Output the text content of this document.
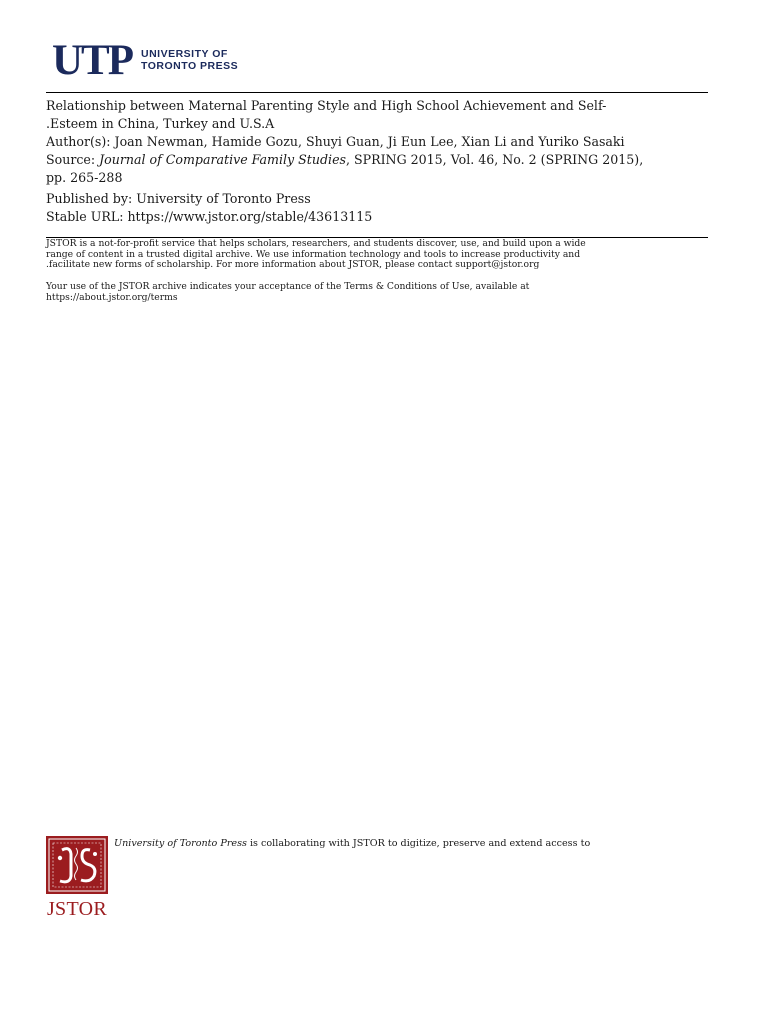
UTP UNIVERSITY OF
TORONTO PRESS

Relationship between Maternal Parenting Style and High School Achievement and Self-

.Esteem in China, Turkey and U.S.A

Author(s): Joan Newman, Hamide Gozu, Shuyi Guan, Ji Eun Lee, Xian Li and Yuriko Sasaki

Source: Journal of Comparative Family Studies, SPRING 2015, Vol. 46, No. 2 (SPRING 2015),

pp. 265-288

Published by: University of Toronto Press

Stable URL: https://www.jstor.org/stable/43613115

JSTOR is a not-for-profit service that helps scholars, researchers, and students discover, use, and build upon a wide

range of content in a trusted digital archive. We use information technology and tools to increase productivity and

.facilitate new forms of scholarship. For more information about JSTOR, please contact support@jstor.org

Your use of the JSTOR archive indicates your acceptance of the Terms & Conditions of Use, available at

https://about.jstor.org/terms

JSTOR
University of Toronto Press is collaborating with JSTOR to digitize, preserve and extend access to
